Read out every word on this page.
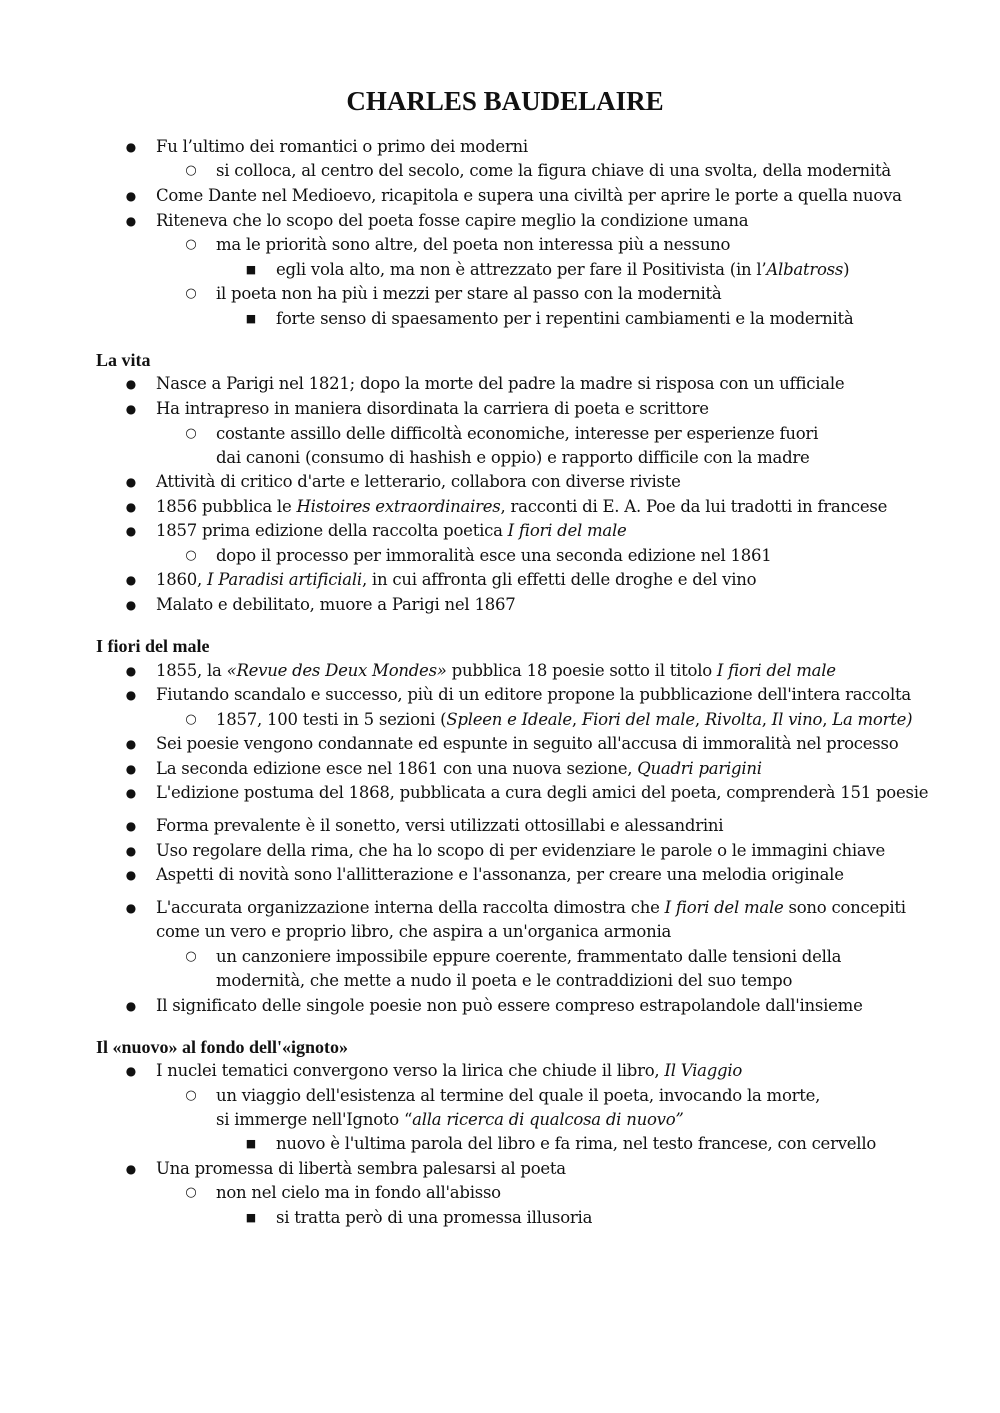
CHARLES BAUDELAIRE
● Fu l’ultimo dei romantici o primo dei moderni
○ si colloca, al centro del secolo, come la figura chiave di una svolta, della modernità
● Come Dante nel Medioevo, ricapitola e supera una civiltà per aprire le porte a quella nuova
● Riteneva che lo scopo del poeta fosse capire meglio la condizione umana
○ ma le priorità sono altre, del poeta non interessa più a nessuno
■ egli vola alto, ma non è attrezzato per fare il Positivista (in l’Albatross)
○ il poeta non ha più i mezzi per stare al passo con la modernità
■ forte senso di spaesamento per i repentini cambiamenti e la modernità
La vita
● Nasce a Parigi nel 1821; dopo la morte del padre la madre si risposa con un ufficiale
● Ha intrapreso in maniera disordinata la carriera di poeta e scrittore
○ costante assillo delle difficoltà economiche, interesse per esperienze fuori
dai canoni (consumo di hashish e oppio) e rapporto difficile con la madre
● Attività di critico d'arte e letterario, collabora con diverse riviste
● 1856 pubblica le Histoires extraordinaires, racconti di E. A. Poe da lui tradotti in francese
● 1857 prima edizione della raccolta poetica I fiori del male
○ dopo il processo per immoralità esce una seconda edizione nel 1861
● 1860, I Paradisi artificiali, in cui affronta gli effetti delle droghe e del vino
● Malato e debilitato, muore a Parigi nel 1867
I fiori del male
● 1855, la «Revue des Deux Mondes» pubblica 18 poesie sotto il titolo I fiori del male
● Fiutando scandalo e successo, più di un editore propone la pubblicazione dell'intera raccolta
○ 1857, 100 testi in 5 sezioni (Spleen e Ideale, Fiori del male, Rivolta, Il vino, La morte)
● Sei poesie vengono condannate ed espunte in seguito all'accusa di immoralità nel processo
● La seconda edizione esce nel 1861 con una nuova sezione, Quadri parigini
● L'edizione postuma del 1868, pubblicata a cura degli amici del poeta, comprenderà 151 poesie
● Forma prevalente è il sonetto, versi utilizzati ottosillabi e alessandrini
● Uso regolare della rima, che ha lo scopo di per evidenziare le parole o le immagini chiave
● Aspetti di novità sono l'allitterazione e l'assonanza, per creare una melodia originale
● L'accurata organizzazione interna della raccolta dimostra che I fiori del male sono concepiti
come un vero e proprio libro, che aspira a un'organica armonia
○ un canzoniere impossibile eppure coerente, frammentato dalle tensioni della
modernità, che mette a nudo il poeta e le contraddizioni del suo tempo
● Il significato delle singole poesie non può essere compreso estrapolandole dall'insieme
Il «nuovo» al fondo dell'«ignoto»
● I nuclei tematici convergono verso la lirica che chiude il libro, Il Viaggio
○ un viaggio dell'esistenza al termine del quale il poeta, invocando la morte,
si immerge nell'Ignoto “alla ricerca di qualcosa di nuovo”
■ nuovo è l'ultima parola del libro e fa rima, nel testo francese, con cervello
● Una promessa di libertà sembra palesarsi al poeta
○ non nel cielo ma in fondo all'abisso
■ si tratta però di una promessa illusoria
